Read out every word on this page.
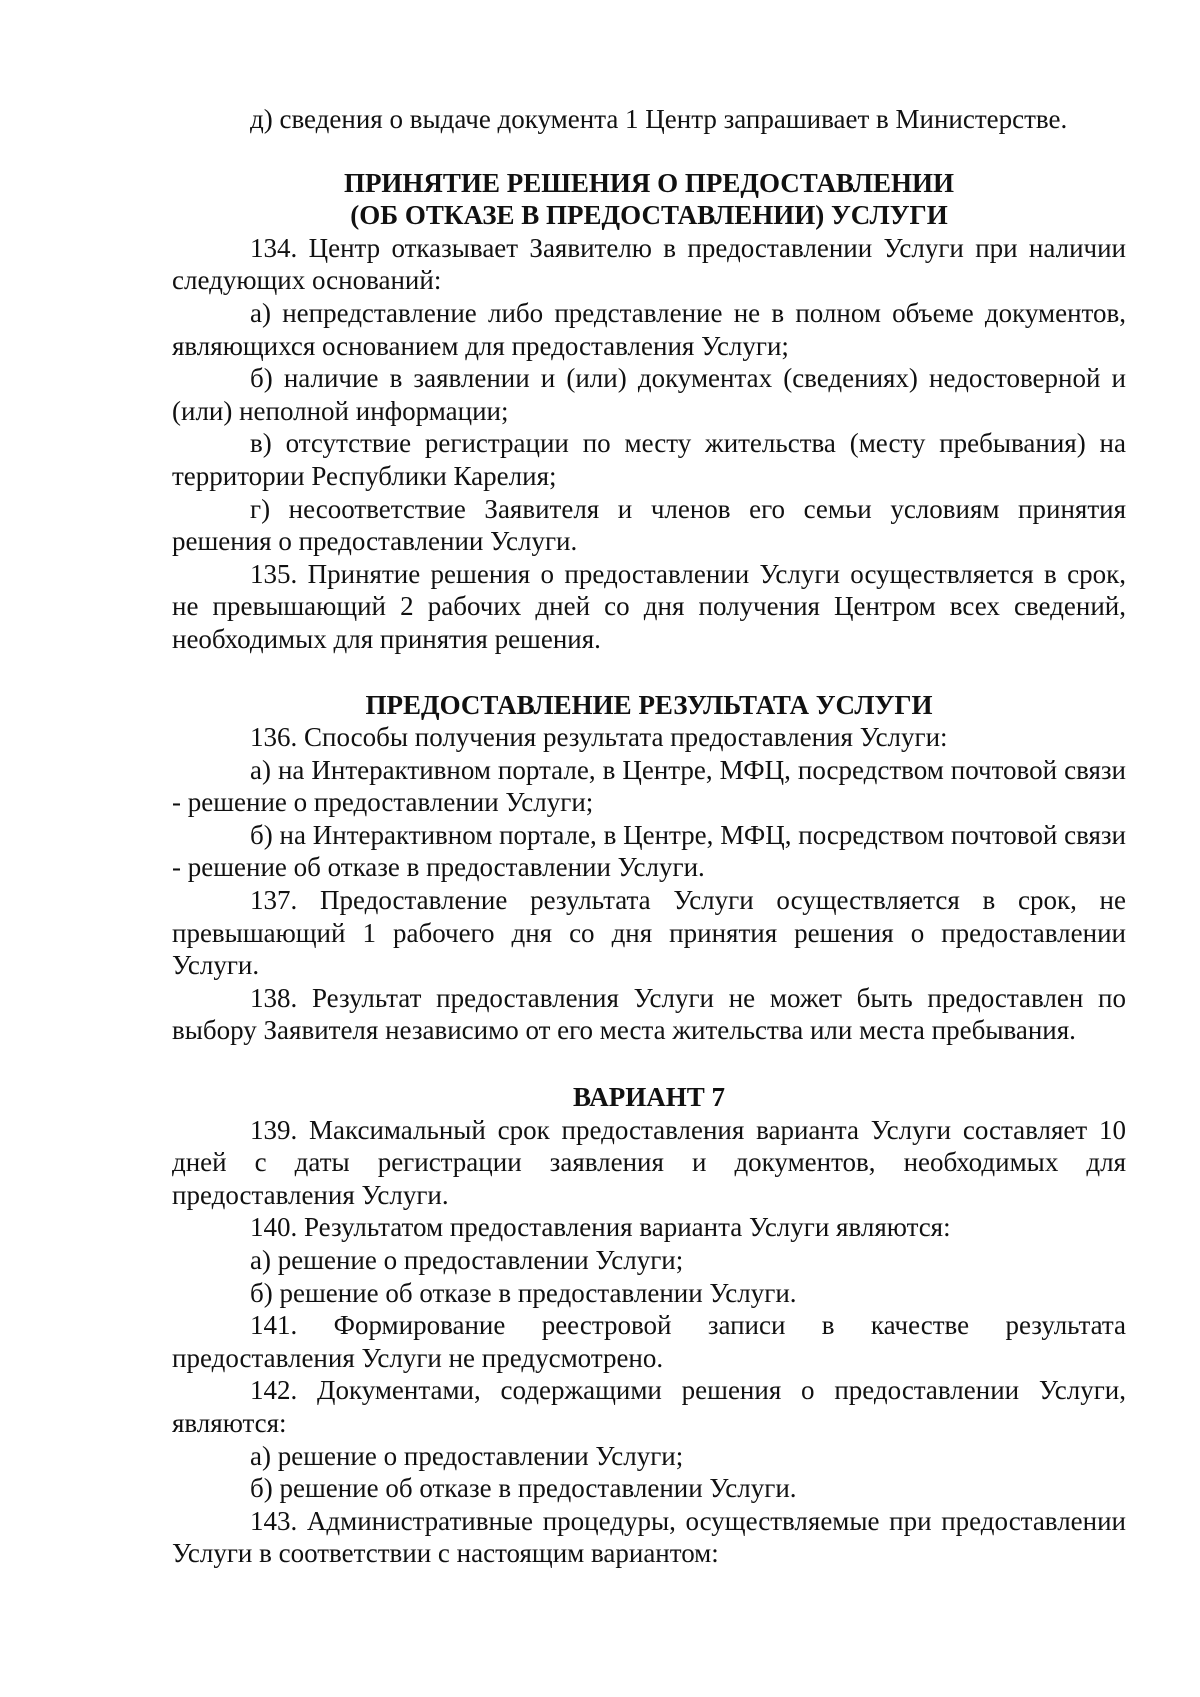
д) сведения о выдаче документа 1 Центр запрашивает в Министерстве.

ПРИНЯТИЕ РЕШЕНИЯ О ПРЕДОСТАВЛЕНИИ
(ОБ ОТКАЗЕ В ПРЕДОСТАВЛЕНИИ) УСЛУГИ

134. Центр отказывает Заявителю в предоставлении Услуги при наличии следующих оснований:

а) непредставление либо представление не в полном объеме документов, являющихся основанием для предоставления Услуги;

б) наличие в заявлении и (или) документах (сведениях) недостоверной и (или) неполной информации;

в) отсутствие регистрации по месту жительства (месту пребывания) на территории Республики Карелия;

г) несоответствие Заявителя и членов его семьи условиям принятия решения о предоставлении Услуги.

135. Принятие решения о предоставлении Услуги осуществляется в срок, не превышающий 2 рабочих дней со дня получения Центром всех сведений, необходимых для принятия решения.

ПРЕДОСТАВЛЕНИЕ РЕЗУЛЬТАТА УСЛУГИ

136. Способы получения результата предоставления Услуги:

а) на Интерактивном портале, в Центре, МФЦ, посредством почтовой связи - решение о предоставлении Услуги;

б) на Интерактивном портале, в Центре, МФЦ, посредством почтовой связи - решение об отказе в предоставлении Услуги.

137. Предоставление результата Услуги осуществляется в срок, не превышающий 1 рабочего дня со дня принятия решения о предоставлении Услуги.

138. Результат предоставления Услуги не может быть предоставлен по выбору Заявителя независимо от его места жительства или места пребывания.

ВАРИАНТ 7

139. Максимальный срок предоставления варианта Услуги составляет 10 дней с даты регистрации заявления и документов, необходимых для предоставления Услуги.

140. Результатом предоставления варианта Услуги являются:

а) решение о предоставлении Услуги;

б) решение об отказе в предоставлении Услуги.

141. Формирование реестровой записи в качестве результата предоставления Услуги не предусмотрено.

142. Документами, содержащими решения о предоставлении Услуги, являются:

а) решение о предоставлении Услуги;

б) решение об отказе в предоставлении Услуги.

143. Административные процедуры, осуществляемые при предоставлении Услуги в соответствии с настоящим вариантом:
